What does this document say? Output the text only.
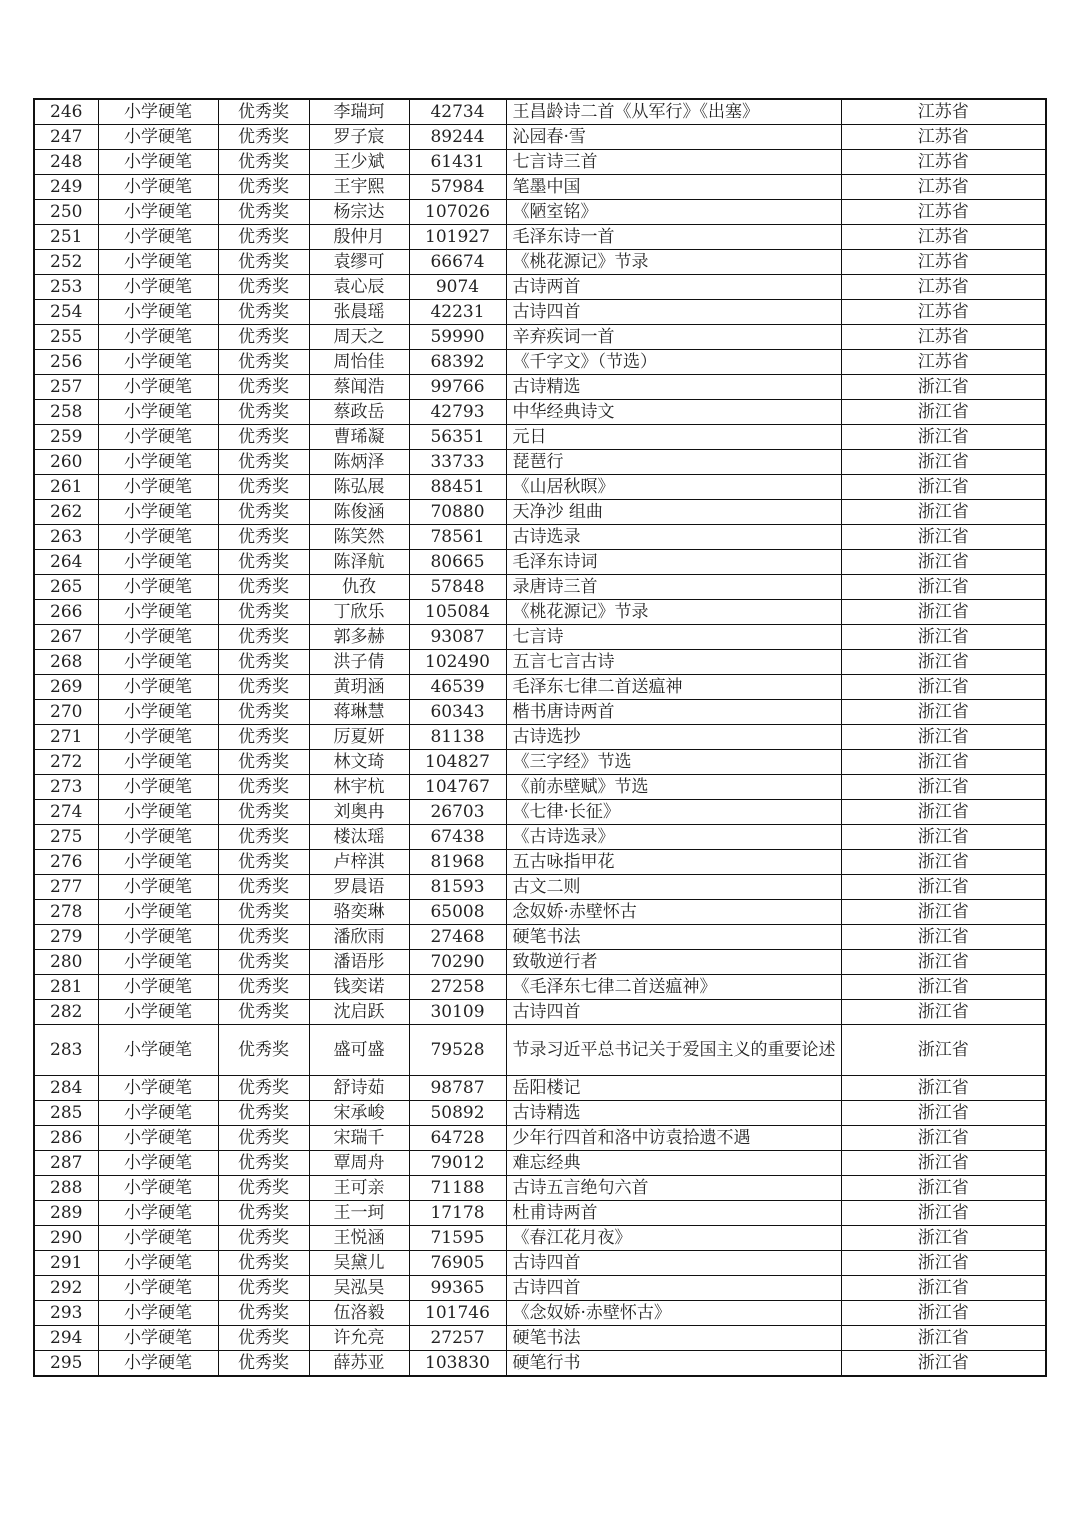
246	小学硬笔	优秀奖	李瑞珂	42734	王昌龄诗二首《从军行》《出塞》	江苏省
247	小学硬笔	优秀奖	罗子宸	89244	沁园春·雪	江苏省
248	小学硬笔	优秀奖	王少斌	61431	七言诗三首	江苏省
249	小学硬笔	优秀奖	王宇熙	57984	笔墨中国	江苏省
250	小学硬笔	优秀奖	杨宗达	107026	《陋室铭》	江苏省
251	小学硬笔	优秀奖	殷仲月	101927	毛泽东诗一首	江苏省
252	小学硬笔	优秀奖	袁缪可	66674	《桃花源记》节录	江苏省
253	小学硬笔	优秀奖	袁心辰	9074	古诗两首	江苏省
254	小学硬笔	优秀奖	张晨瑶	42231	古诗四首	江苏省
255	小学硬笔	优秀奖	周天之	59990	辛弃疾词一首	江苏省
256	小学硬笔	优秀奖	周怡佳	68392	《千字文》（节选）	江苏省
257	小学硬笔	优秀奖	蔡闻浩	99766	古诗精选	浙江省
258	小学硬笔	优秀奖	蔡政岳	42793	中华经典诗文	浙江省
259	小学硬笔	优秀奖	曹琋凝	56351	元日	浙江省
260	小学硬笔	优秀奖	陈炳泽	33733	琵琶行	浙江省
261	小学硬笔	优秀奖	陈弘展	88451	《山居秋暝》	浙江省
262	小学硬笔	优秀奖	陈俊涵	70880	天净沙 组曲	浙江省
263	小学硬笔	优秀奖	陈笑然	78561	古诗选录	浙江省
264	小学硬笔	优秀奖	陈泽航	80665	毛泽东诗词	浙江省
265	小学硬笔	优秀奖	仇孜	57848	录唐诗三首	浙江省
266	小学硬笔	优秀奖	丁欣乐	105084	《桃花源记》节录	浙江省
267	小学硬笔	优秀奖	郭多赫	93087	七言诗	浙江省
268	小学硬笔	优秀奖	洪子倩	102490	五言七言古诗	浙江省
269	小学硬笔	优秀奖	黄玥涵	46539	毛泽东七律二首送瘟神	浙江省
270	小学硬笔	优秀奖	蒋琳慧	60343	楷书唐诗两首	浙江省
271	小学硬笔	优秀奖	厉夏妍	81138	古诗选抄	浙江省
272	小学硬笔	优秀奖	林文琦	104827	《三字经》节选	浙江省
273	小学硬笔	优秀奖	林宇杭	104767	《前赤壁赋》节选	浙江省
274	小学硬笔	优秀奖	刘奥冉	26703	《七律·长征》	浙江省
275	小学硬笔	优秀奖	楼汰瑶	67438	《古诗选录》	浙江省
276	小学硬笔	优秀奖	卢梓淇	81968	五古咏指甲花	浙江省
277	小学硬笔	优秀奖	罗晨语	81593	古文二则	浙江省
278	小学硬笔	优秀奖	骆奕琳	65008	念奴娇·赤壁怀古	浙江省
279	小学硬笔	优秀奖	潘欣雨	27468	硬笔书法	浙江省
280	小学硬笔	优秀奖	潘语彤	70290	致敬逆行者	浙江省
281	小学硬笔	优秀奖	钱奕诺	27258	《毛泽东七律二首送瘟神》	浙江省
282	小学硬笔	优秀奖	沈启跃	30109	古诗四首	浙江省
283	小学硬笔	优秀奖	盛可盛	79528	节录习近平总书记关于爱国主义的重要论述	浙江省
284	小学硬笔	优秀奖	舒诗茹	98787	岳阳楼记	浙江省
285	小学硬笔	优秀奖	宋承峻	50892	古诗精选	浙江省
286	小学硬笔	优秀奖	宋瑞千	64728	少年行四首和洛中访袁拾遗不遇	浙江省
287	小学硬笔	优秀奖	覃周舟	79012	难忘经典	浙江省
288	小学硬笔	优秀奖	王可亲	71188	古诗五言绝句六首	浙江省
289	小学硬笔	优秀奖	王一珂	17178	杜甫诗两首	浙江省
290	小学硬笔	优秀奖	王悦涵	71595	《春江花月夜》	浙江省
291	小学硬笔	优秀奖	吴黛儿	76905	古诗四首	浙江省
292	小学硬笔	优秀奖	吴泓昊	99365	古诗四首	浙江省
293	小学硬笔	优秀奖	伍洛毅	101746	《念奴娇·赤壁怀古》	浙江省
294	小学硬笔	优秀奖	许允亮	27257	硬笔书法	浙江省
295	小学硬笔	优秀奖	薛苏亚	103830	硬笔行书	浙江省
